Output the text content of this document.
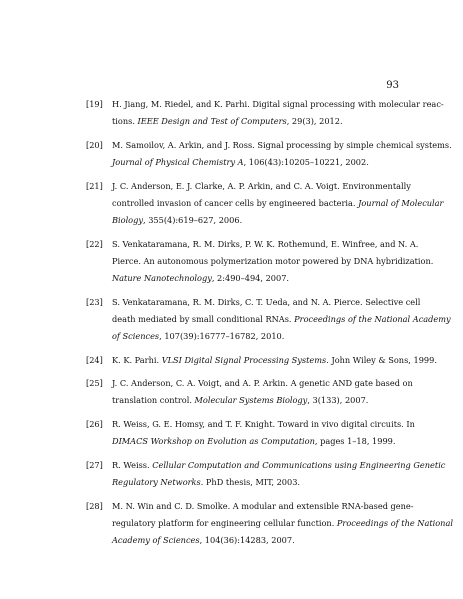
93
[19] H. Jiang, M. Riedel, and K. Parhi. Digital signal processing with molecular reac-
tions. IEEE Design and Test of Computers, 29(3), 2012.
[20] M. Samoilov, A. Arkin, and J. Ross. Signal processing by simple chemical systems.
Journal of Physical Chemistry A, 106(43):10205–10221, 2002.
[21] J. C. Anderson, E. J. Clarke, A. P. Arkin, and C. A. Voigt. Environmentally
controlled invasion of cancer cells by engineered bacteria. Journal of Molecular
Biology, 355(4):619–627, 2006.
[22] S. Venkataramana, R. M. Dirks, P. W. K. Rothemund, E. Winfree, and N. A.
Pierce. An autonomous polymerization motor powered by DNA hybridization.
Nature Nanotechnology, 2:490–494, 2007.
[23] S. Venkataramana, R. M. Dirks, C. T. Ueda, and N. A. Pierce. Selective cell
death mediated by small conditional RNAs. Proceedings of the National Academy
of Sciences, 107(39):16777–16782, 2010.
[24] K. K. Parhi. VLSI Digital Signal Processing Systems. John Wiley & Sons, 1999.
[25] J. C. Anderson, C. A. Voigt, and A. P. Arkin. A genetic AND gate based on
translation control. Molecular Systems Biology, 3(133), 2007.
[26] R. Weiss, G. E. Homsy, and T. F. Knight. Toward in vivo digital circuits. In
DIMACS Workshop on Evolution as Computation, pages 1–18, 1999.
[27] R. Weiss. Cellular Computation and Communications using Engineering Genetic
Regulatory Networks. PhD thesis, MIT, 2003.
[28] M. N. Win and C. D. Smolke. A modular and extensible RNA-based gene-
regulatory platform for engineering cellular function. Proceedings of the National
Academy of Sciences, 104(36):14283, 2007.
